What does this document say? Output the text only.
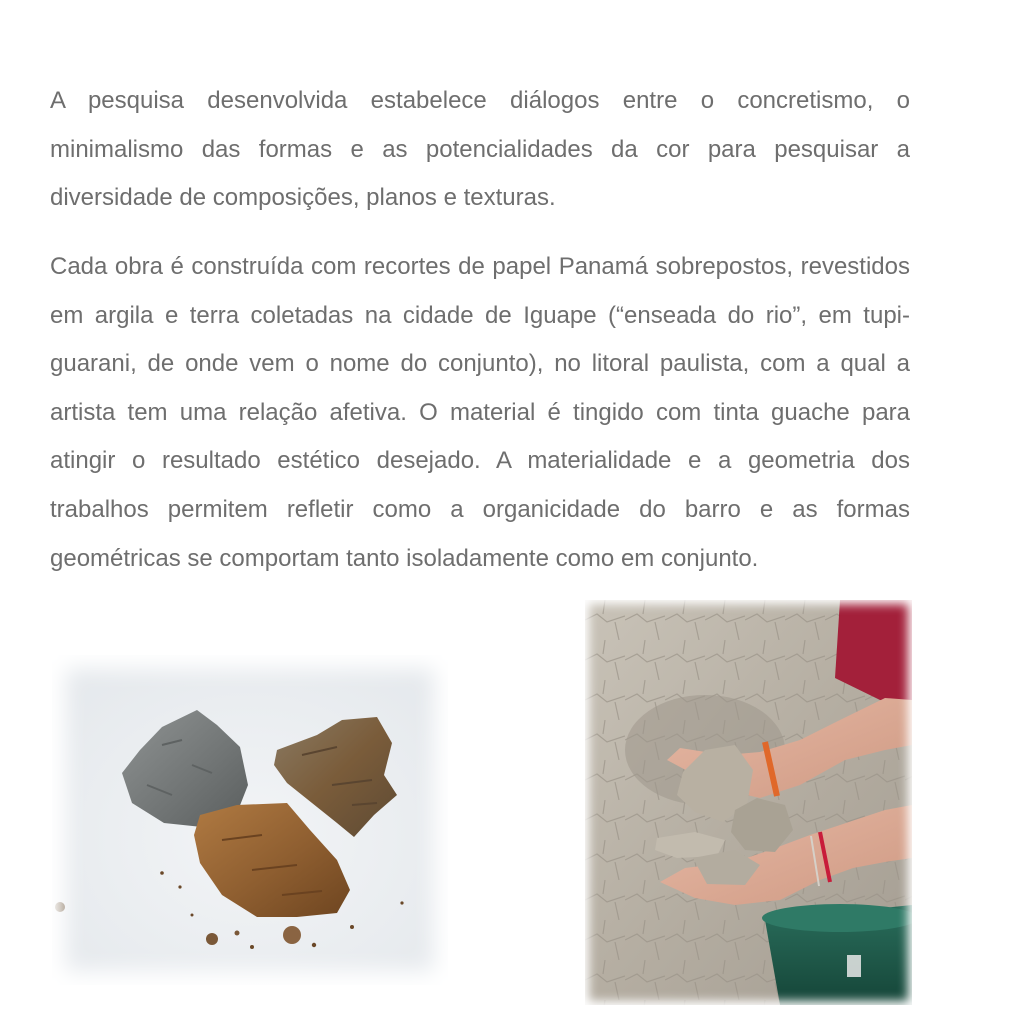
A pesquisa desenvolvida estabelece diálogos entre o concretismo, o minimalismo das formas e as potencialidades da cor para pesquisar a diversidade de composições, planos e texturas.

Cada obra é construída com recortes de papel Panamá sobrepostos, revestidos em argila e terra coletadas na cidade de Iguape (“enseada do rio”, em tupi-guarani, de onde vem o nome do conjunto), no litoral paulista, com a qual a artista tem uma relação afetiva. O material é tingido com tinta guache para atingir o resultado estético desejado. A materialidade e a geometria dos trabalhos permitem refletir como a organicidade do barro e as formas geométricas se comportam tanto isoladamente como em conjunto.
